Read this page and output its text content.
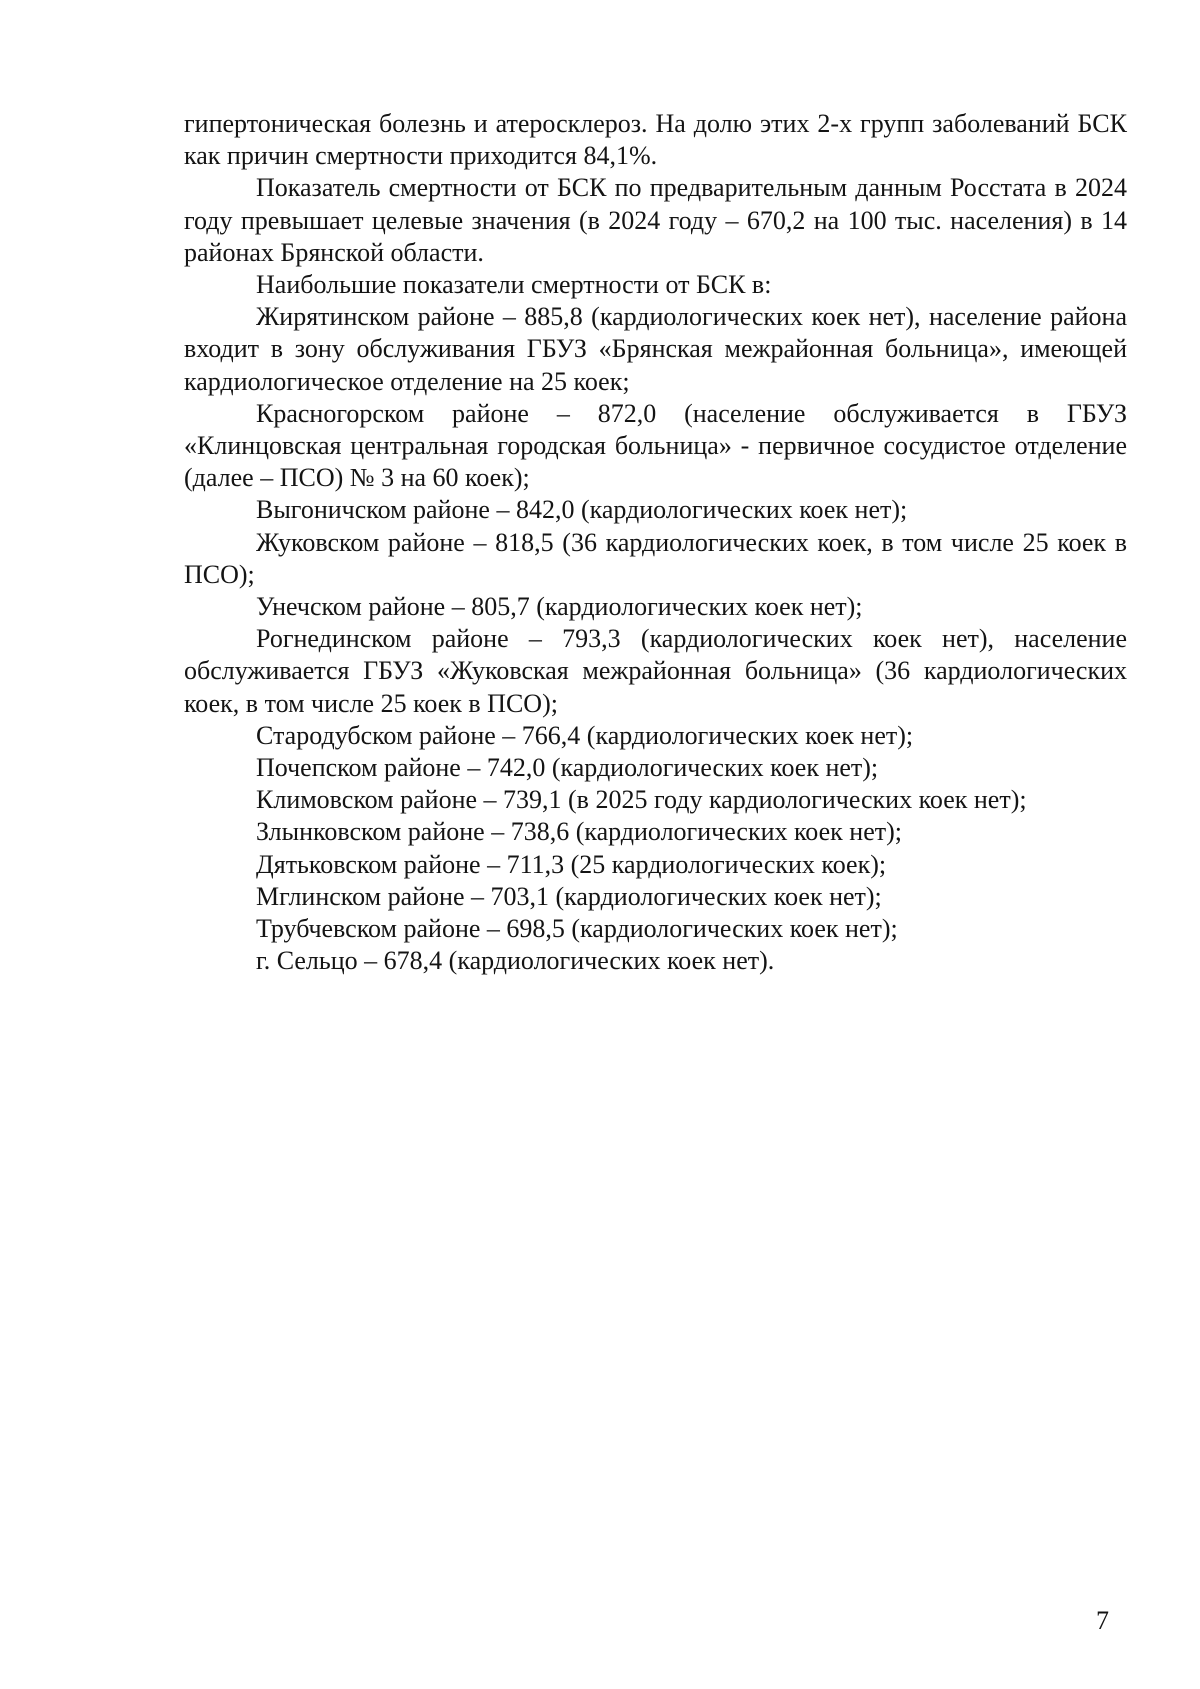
гипертоническая болезнь и атеросклероз. На долю этих 2-х групп заболеваний БСК как причин смертности приходится 84,1%.

Показатель смертности от БСК по предварительным данным Росстата в 2024 году превышает целевые значения (в 2024 году – 670,2 на 100 тыс. населения) в 14 районах Брянской области.

Наибольшие показатели смертности от БСК в:

Жирятинском районе – 885,8 (кардиологических коек нет), население района входит в зону обслуживания ГБУЗ «Брянская межрайонная больница», имеющей кардиологическое отделение на 25 коек;

Красногорском районе – 872,0 (население обслуживается в ГБУЗ «Клинцовская центральная городская больница» - первичное сосудистое отделение (далее – ПСО) № 3 на 60 коек);

Выгоничском районе – 842,0 (кардиологических коек нет);

Жуковском районе – 818,5 (36 кардиологических коек, в том числе 25 коек в ПСО);

Унечском районе – 805,7 (кардиологических коек нет);

Рогнединском районе – 793,3 (кардиологических коек нет), население обслуживается ГБУЗ «Жуковская межрайонная больница» (36 кардиологических коек, в том числе 25 коек в ПСО);

Стародубском районе – 766,4 (кардиологических коек нет);

Почепском районе – 742,0 (кардиологических коек нет);

Климовском районе – 739,1 (в 2025 году кардиологических коек нет);

Злынковском районе – 738,6 (кардиологических коек нет);

Дятьковском районе – 711,3 (25 кардиологических коек);

Мглинском районе – 703,1 (кардиологических коек нет);

Трубчевском районе – 698,5 (кардиологических коек нет);

г. Сельцо – 678,4 (кардиологических коек нет).

7
